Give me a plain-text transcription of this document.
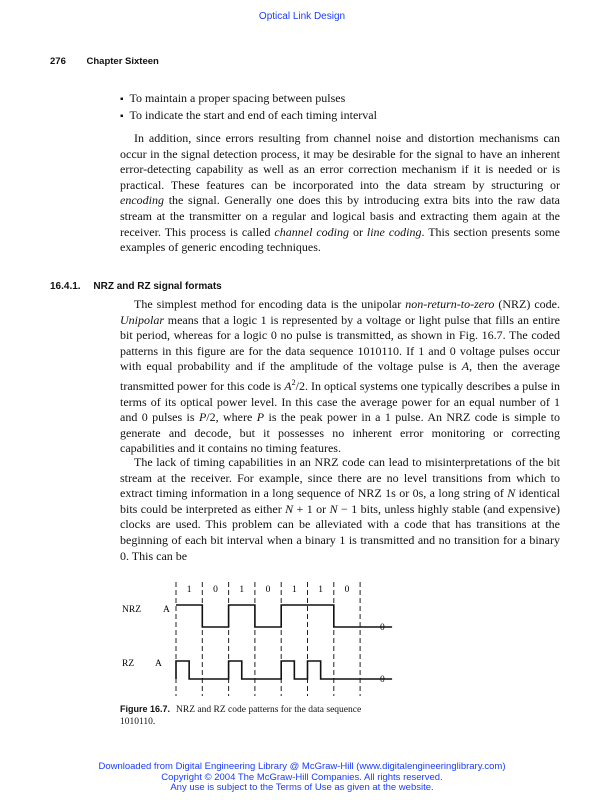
Optical Link Design
276 Chapter Sixteen
▪ To maintain a proper spacing between pulses
▪ To indicate the start and end of each timing interval
In addition, since errors resulting from channel noise and distortion mechanisms can occur in the signal detection process, it may be desirable for the signal to have an inherent error-detecting capability as well as an error correction mechanism if it is needed or is practical. These features can be incorporated into the data stream by structuring or encoding the signal. Generally one does this by introducing extra bits into the raw data stream at the transmitter on a regular and logical basis and extracting them again at the receiver. This process is called channel coding or line coding. This section presents some examples of generic encoding techniques.
16.4.1. NRZ and RZ signal formats
The simplest method for encoding data is the unipolar non-return-to-zero (NRZ) code. Unipolar means that a logic 1 is represented by a voltage or light pulse that fills an entire bit period, whereas for a logic 0 no pulse is transmitted, as shown in Fig. 16.7. The coded patterns in this figure are for the data sequence 1010110. If 1 and 0 voltage pulses occur with equal probability and if the amplitude of the voltage pulse is A, then the average transmitted power for this code is $A^2/2$. In optical systems one typically describes a pulse in terms of its optical power level. In this case the average power for an equal number of 1 and 0 pulses is P/2, where P is the peak power in a 1 pulse. An NRZ code is simple to generate and decode, but it possesses no inherent error monitoring or correcting capabilities and it contains no timing features.
The lack of timing capabilities in an NRZ code can lead to misinterpretations of the bit stream at the receiver. For example, since there are no level transitions from which to extract timing information in a long sequence of NRZ 1s or 0s, a long string of N identical bits could be interpreted as either N + 1 or N − 1 bits, unless highly stable (and expensive) clocks are used. This problem can be alleviated with a code that has transitions at the beginning of each bit interval when a binary 1 is transmitted and no transition for a binary 0. This can be
1 0 1 0 1 1 0
NRZ A
0
RZ A
0
Figure 16.7. NRZ and RZ code patterns for the data sequence 1010110.
Downloaded from Digital Engineering Library @ McGraw-Hill (www.digitalengineeringlibrary.com)
Copyright © 2004 The McGraw-Hill Companies. All rights reserved.
Any use is subject to the Terms of Use as given at the website.
